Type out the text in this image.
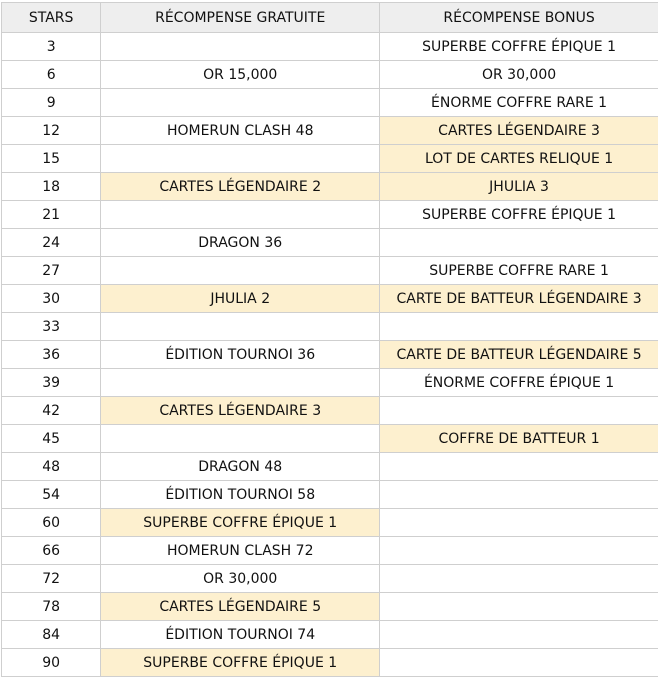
STARS	RÉCOMPENSE GRATUITE	RÉCOMPENSE BONUS
3		SUPERBE COFFRE ÉPIQUE 1
6	OR 15,000	OR 30,000
9		ÉNORME COFFRE RARE 1
12	HOMERUN CLASH 48	CARTES LÉGENDAIRE 3
15		LOT DE CARTES RELIQUE 1
18	CARTES LÉGENDAIRE 2	JHULIA 3
21		SUPERBE COFFRE ÉPIQUE 1
24	DRAGON 36	
27		SUPERBE COFFRE RARE 1
30	JHULIA 2	CARTE DE BATTEUR LÉGENDAIRE 3
33		
36	ÉDITION TOURNOI 36	CARTE DE BATTEUR LÉGENDAIRE 5
39		ÉNORME COFFRE ÉPIQUE 1
42	CARTES LÉGENDAIRE 3	
45		COFFRE DE BATTEUR 1
48	DRAGON 48	
54	ÉDITION TOURNOI 58	
60	SUPERBE COFFRE ÉPIQUE 1	
66	HOMERUN CLASH 72	
72	OR 30,000	
78	CARTES LÉGENDAIRE 5	
84	ÉDITION TOURNOI 74	
90	SUPERBE COFFRE ÉPIQUE 1	
